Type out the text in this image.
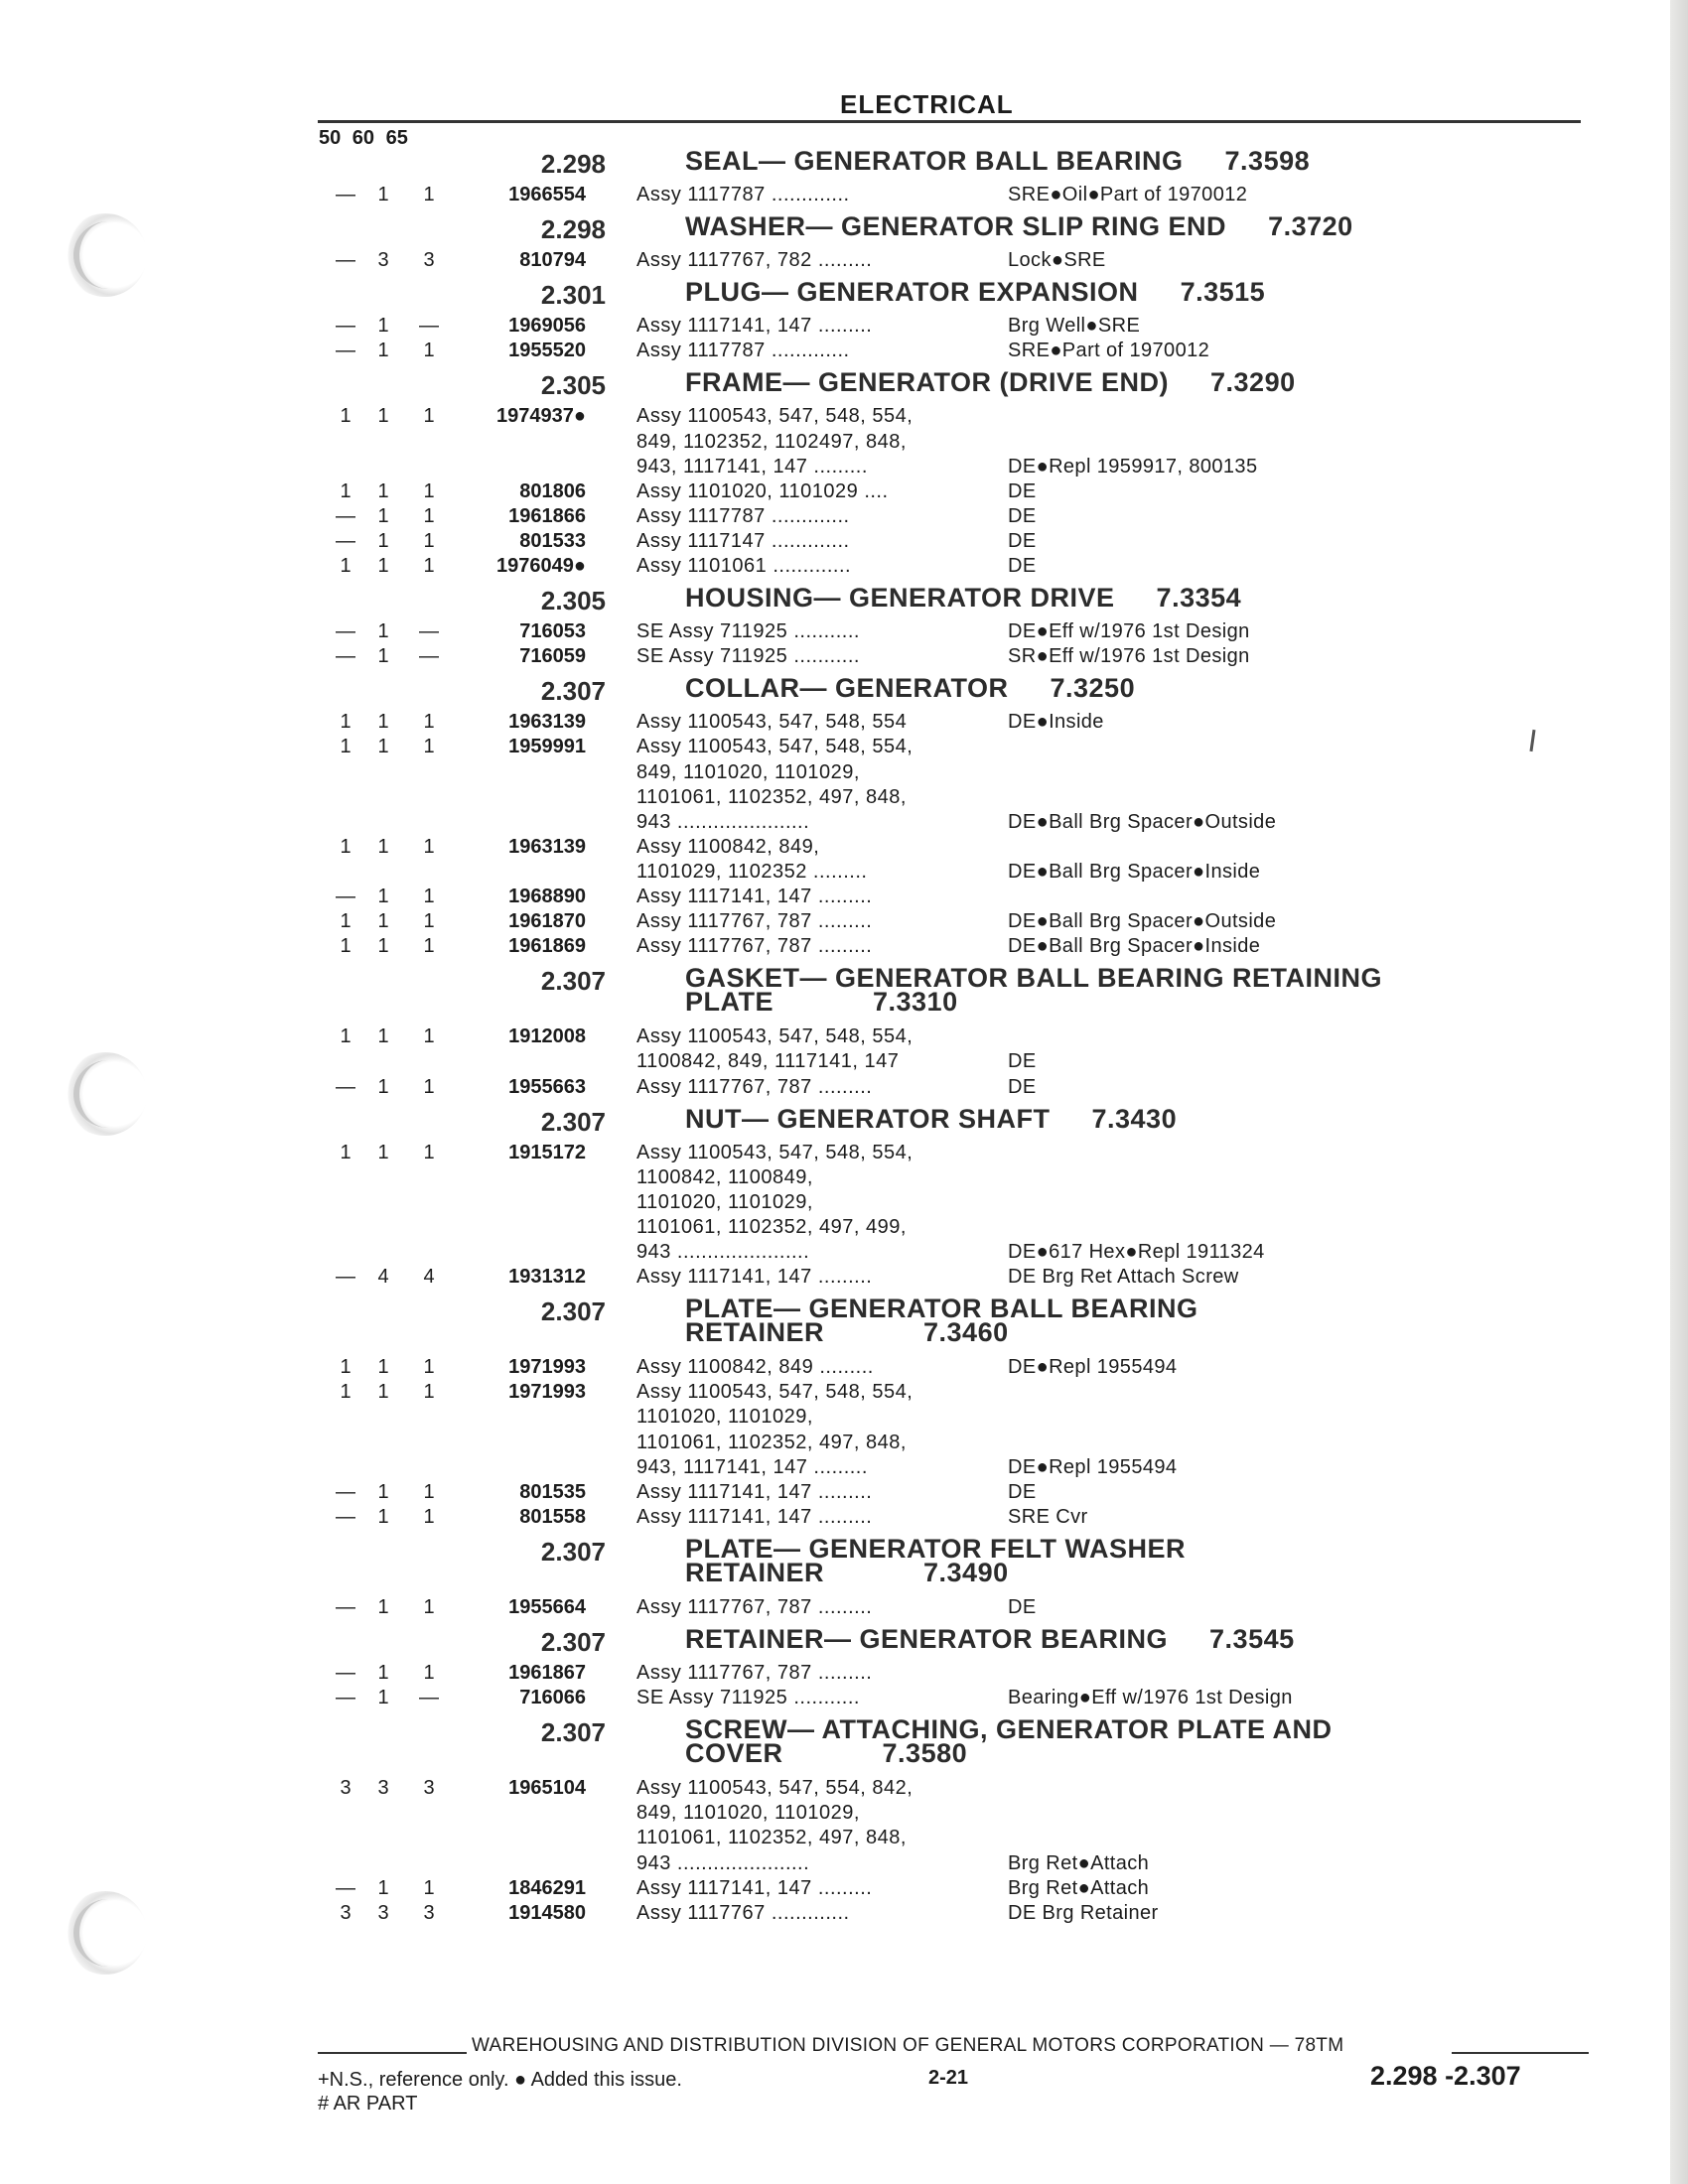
ELECTRICAL
50 60 65
2.298	SEAL— GENERATOR BALL BEARING 7.3598
—	1	1	1966554	Assy 1117787 .............	SRE●Oil●Part of 1970012
2.298	WASHER— GENERATOR SLIP RING END 7.3720
—	3	3	810794	Assy 1117767, 782 .........	Lock●SRE
2.301	PLUG— GENERATOR EXPANSION 7.3515
—	1	—	1969056	Assy 1117141, 147 .........	Brg Well●SRE
—	1	1	1955520	Assy 1117787 .............	SRE●Part of 1970012
2.305	FRAME— GENERATOR (DRIVE END) 7.3290
1	1	1	1974937●	Assy 1100543, 547, 548, 554,
849, 1102352, 1102497, 848,
943, 1117141, 147 .........	DE●Repl 1959917, 800135
1	1	1	801806	Assy 1101020, 1101029 ....	DE
—	1	1	1961866	Assy 1117787 .............	DE
—	1	1	801533	Assy 1117147 .............	DE
1	1	1	1976049●	Assy 1101061 .............	DE
2.305	HOUSING— GENERATOR DRIVE 7.3354
—	1	—	716053	SE Assy 711925 ...........	DE●Eff w/1976 1st Design
—	1	—	716059	SE Assy 711925 ...........	SR●Eff w/1976 1st Design
2.307	COLLAR— GENERATOR 7.3250
1	1	1	1963139	Assy 1100543, 547, 548, 554	DE●Inside
1	1	1	1959991	Assy 1100543, 547, 548, 554,
849, 1101020, 1101029,
1101061, 1102352, 497, 848,
943 ......................	DE●Ball Brg Spacer●Outside
1	1	1	1963139	Assy 1100842, 849,
1101029, 1102352 .........	DE●Ball Brg Spacer●Inside
—	1	1	1968890	Assy 1117141, 147 .........
1	1	1	1961870	Assy 1117767, 787 .........	DE●Ball Brg Spacer●Outside
1	1	1	1961869	Assy 1117767, 787 .........	DE●Ball Brg Spacer●Inside
2.307	GASKET— GENERATOR BALL BEARING RETAINING
PLATE	7.3310
1	1	1	1912008	Assy 1100543, 547, 548, 554,
1100842, 849, 1117141, 147	DE
—	1	1	1955663	Assy 1117767, 787 .........	DE
2.307	NUT— GENERATOR SHAFT 7.3430
1	1	1	1915172	Assy 1100543, 547, 548, 554,
1100842, 1100849,
1101020, 1101029,
1101061, 1102352, 497, 499,
943 ......................	DE●617 Hex●Repl 1911324
—	4	4	1931312	Assy 1117141, 147 .........	DE Brg Ret Attach Screw
2.307	PLATE— GENERATOR BALL BEARING
RETAINER	7.3460
1	1	1	1971993	Assy 1100842, 849 .........	DE●Repl 1955494
1	1	1	1971993	Assy 1100543, 547, 548, 554,
1101020, 1101029,
1101061, 1102352, 497, 848,
943, 1117141, 147 .........	DE●Repl 1955494
—	1	1	801535	Assy 1117141, 147 .........	DE
—	1	1	801558	Assy 1117141, 147 .........	SRE Cvr
2.307	PLATE— GENERATOR FELT WASHER
RETAINER	7.3490
—	1	1	1955664	Assy 1117767, 787 .........	DE
2.307	RETAINER— GENERATOR BEARING 7.3545
—	1	1	1961867	Assy 1117767, 787 .........
—	1	—	716066	SE Assy 711925 ...........	Bearing●Eff w/1976 1st Design
2.307	SCREW— ATTACHING, GENERATOR PLATE AND
COVER	7.3580
3	3	3	1965104	Assy 1100543, 547, 554, 842,
849, 1101020, 1101029,
1101061, 1102352, 497, 848,
943 ......................	Brg Ret●Attach
—	1	1	1846291	Assy 1117141, 147 .........	Brg Ret●Attach
3	3	3	1914580	Assy 1117767 .............	DE Brg Retainer
WAREHOUSING AND DISTRIBUTION DIVISION OF GENERAL MOTORS CORPORATION — 78TM
+N.S., reference only. ● Added this issue.
# AR PART
2-21	2.298 -2.307
